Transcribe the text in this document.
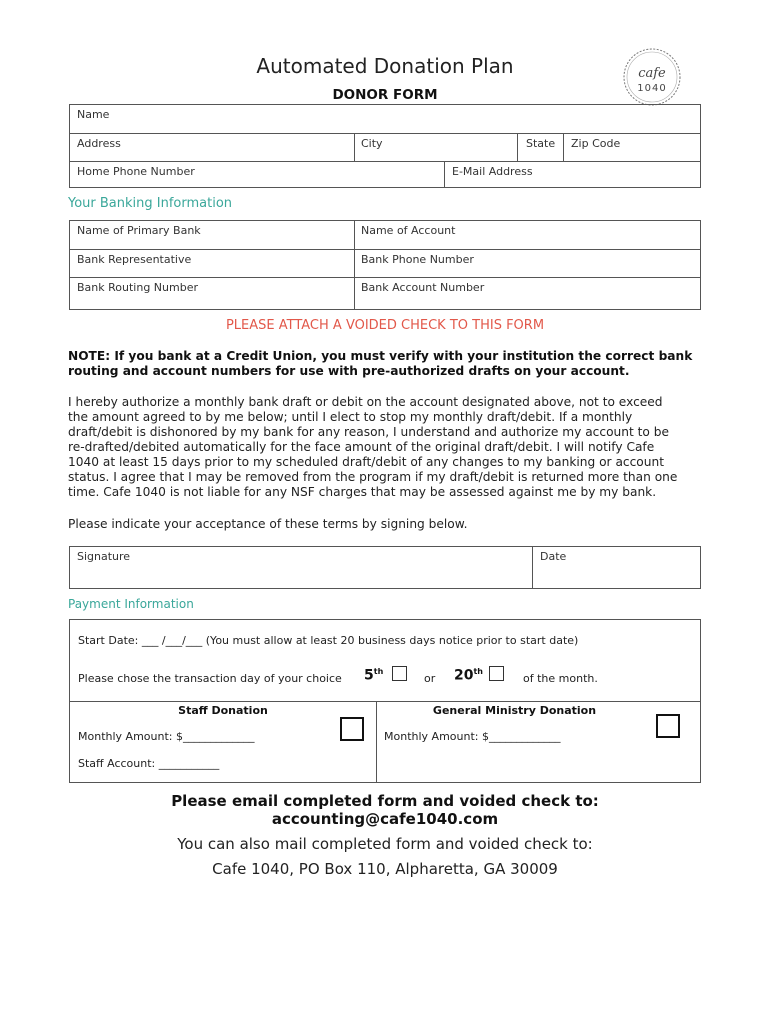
Automated Donation Plan
DONOR FORM
cafe
1040
Name
Address	City	State Zip Code
Home Phone Number	E-Mail Address
Your Banking Information
Name of Primary Bank	Name of Account
Bank Representative	Bank Phone Number
Bank Routing Number	Bank Account Number
PLEASE ATTACH A VOIDED CHECK TO THIS FORM
NOTE: If you bank at a Credit Union, you must verify with your institution the correct bank routing and account numbers for use with pre-authorized drafts on your account.
I hereby authorize a monthly bank draft or debit on the account designated above, not to exceed
the amount agreed to by me below; until I elect to stop my monthly draft/debit. If a monthly
draft/debit is dishonored by my bank for any reason, I understand and authorize my account to be
re-drafted/debited automatically for the face amount of the original draft/debit. I will notify Cafe
1040 at least 15 days prior to my scheduled draft/debit of any changes to my banking or account
status. I agree that I may be removed from the program if my draft/debit is returned more than one
time. Cafe 1040 is not liable for any NSF charges that may be assessed against me by my bank.
Please indicate your acceptance of these terms by signing below.
Signature	Date
Payment Information
Start Date: ___ /___/___ (You must allow at least 20 business days notice prior to start date)
Please chose the transaction day of your choice 5th
or 20th
of the month.
Staff Donation
Monthly Amount: $_____________
Staff Account: ___________
General Ministry Donation
Monthly Amount: $_____________
Please email completed form and voided check to:
accounting@cafe1040.com
You can also mail completed form and voided check to:
Cafe 1040, PO Box 110, Alpharetta, GA 30009
